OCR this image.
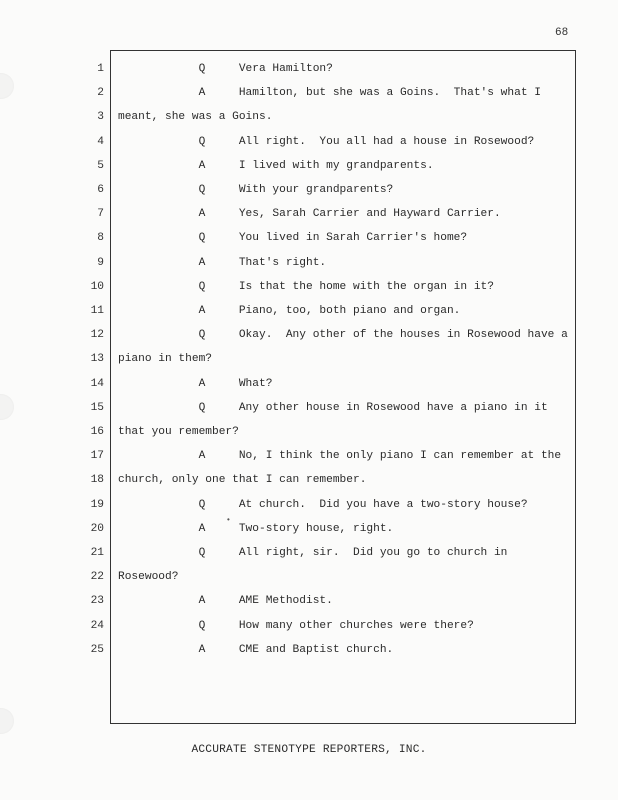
68
1 Q     Vera Hamilton?
2 A     Hamilton, but she was a Goins.  That's what I
3 meant, she was a Goins.
4 Q     All right.  You all had a house in Rosewood?
5 A     I lived with my grandparents.
6 Q     With your grandparents?
7 A     Yes, Sarah Carrier and Hayward Carrier.
8 Q     You lived in Sarah Carrier's home?
9 A     That's right.
10 Q     Is that the home with the organ in it?
11 A     Piano, too, both piano and organ.
12 Q     Okay.  Any other of the houses in Rosewood have a
13 piano in them?
14 A     What?
15 Q     Any other house in Rosewood have a piano in it
16 that you remember?
17 A     No, I think the only piano I can remember at the
18 church, only one that I can remember.
19 Q     At church.  Did you have a two-story house?
20 A     Two-story house, right.
21 Q     All right, sir.  Did you go to church in
22 Rosewood?
23 A     AME Methodist.
24 Q     How many other churches were there?
25 A     CME and Baptist church.
•
ACCURATE STENOTYPE REPORTERS, INC.
